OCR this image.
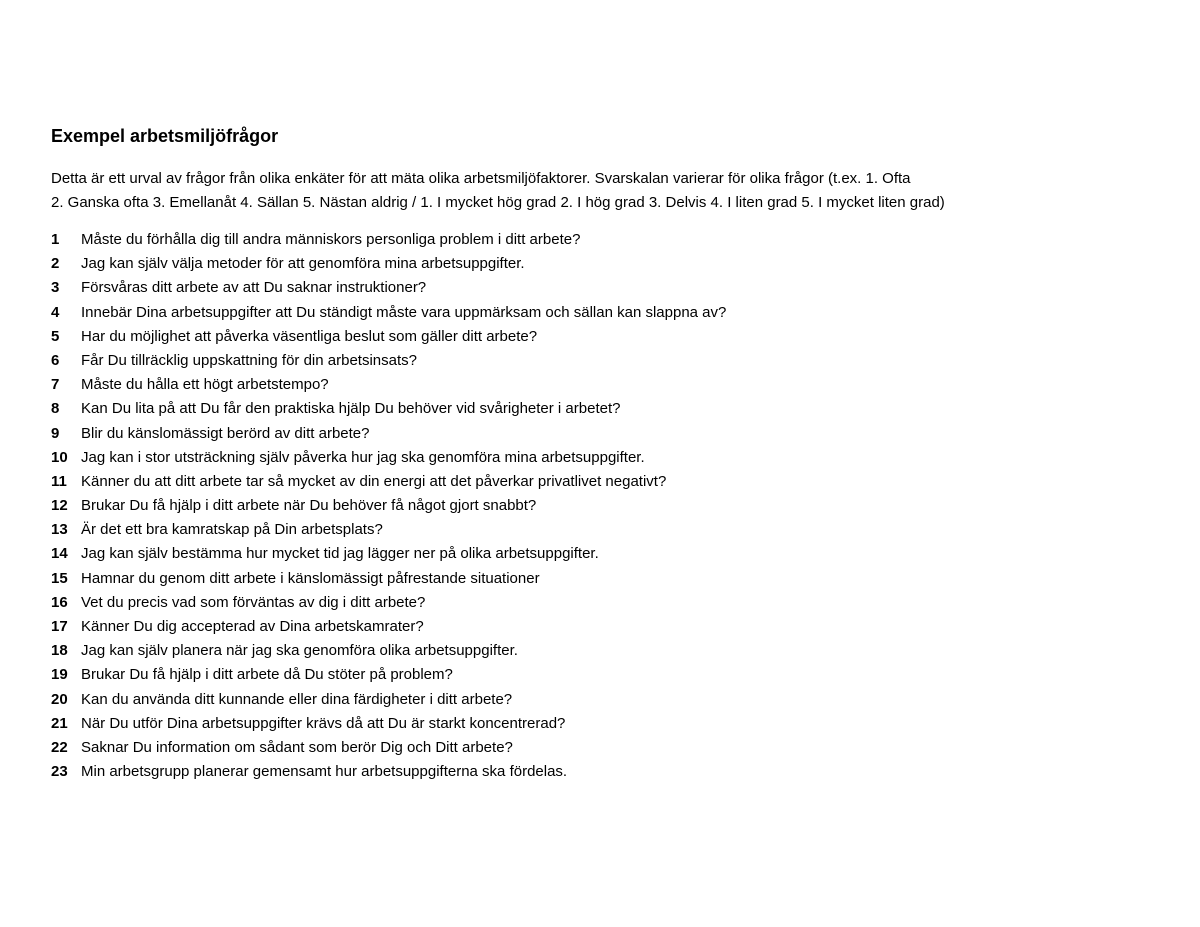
Exempel arbetsmiljöfrågor
Detta är ett urval av frågor från olika enkäter för att mäta olika arbetsmiljöfaktorer. Svarskalan varierar för olika frågor (t.ex. 1. Ofta
2. Ganska ofta 3. Emellanåt 4. Sällan 5. Nästan aldrig / 1. I mycket hög grad 2. I hög grad 3. Delvis 4. I liten grad 5. I mycket liten grad)
1	Måste du förhålla dig till andra människors personliga problem i ditt arbete?
2	Jag kan själv välja metoder för att genomföra mina arbetsuppgifter.
3	Försvåras ditt arbete av att Du saknar instruktioner?
4	Innebär Dina arbetsuppgifter att Du ständigt måste vara uppmärksam och sällan kan slappna av?
5	Har du möjlighet att påverka väsentliga beslut som gäller ditt arbete?
6	Får Du tillräcklig uppskattning för din arbetsinsats?
7	Måste du hålla ett högt arbetstempo?
8	Kan Du lita på att Du får den praktiska hjälp Du behöver vid svårigheter i arbetet?
9	Blir du känslomässigt berörd av ditt arbete?
10 Jag kan i stor utsträckning själv påverka hur jag ska genomföra mina arbetsuppgifter.
11 Känner du att ditt arbete tar så mycket av din energi att det påverkar privatlivet negativt?
12 Brukar Du få hjälp i ditt arbete när Du behöver få något gjort snabbt?
13 Är det ett bra kamratskap på Din arbetsplats?
14 Jag kan själv bestämma hur mycket tid jag lägger ner på olika arbetsuppgifter.
15 Hamnar du genom ditt arbete i känslomässigt påfrestande situationer
16 Vet du precis vad som förväntas av dig i ditt arbete?
17 Känner Du dig accepterad av Dina arbetskamrater?
18 Jag kan själv planera när jag ska genomföra olika arbetsuppgifter.
19 Brukar Du få hjälp i ditt arbete då Du stöter på problem?
20 Kan du använda ditt kunnande eller dina färdigheter i ditt arbete?
21 När Du utför Dina arbetsuppgifter krävs då att Du är starkt koncentrerad?
22 Saknar Du information om sådant som berör Dig och Ditt arbete?
23 Min arbetsgrupp planerar gemensamt hur arbetsuppgifterna ska fördelas.
